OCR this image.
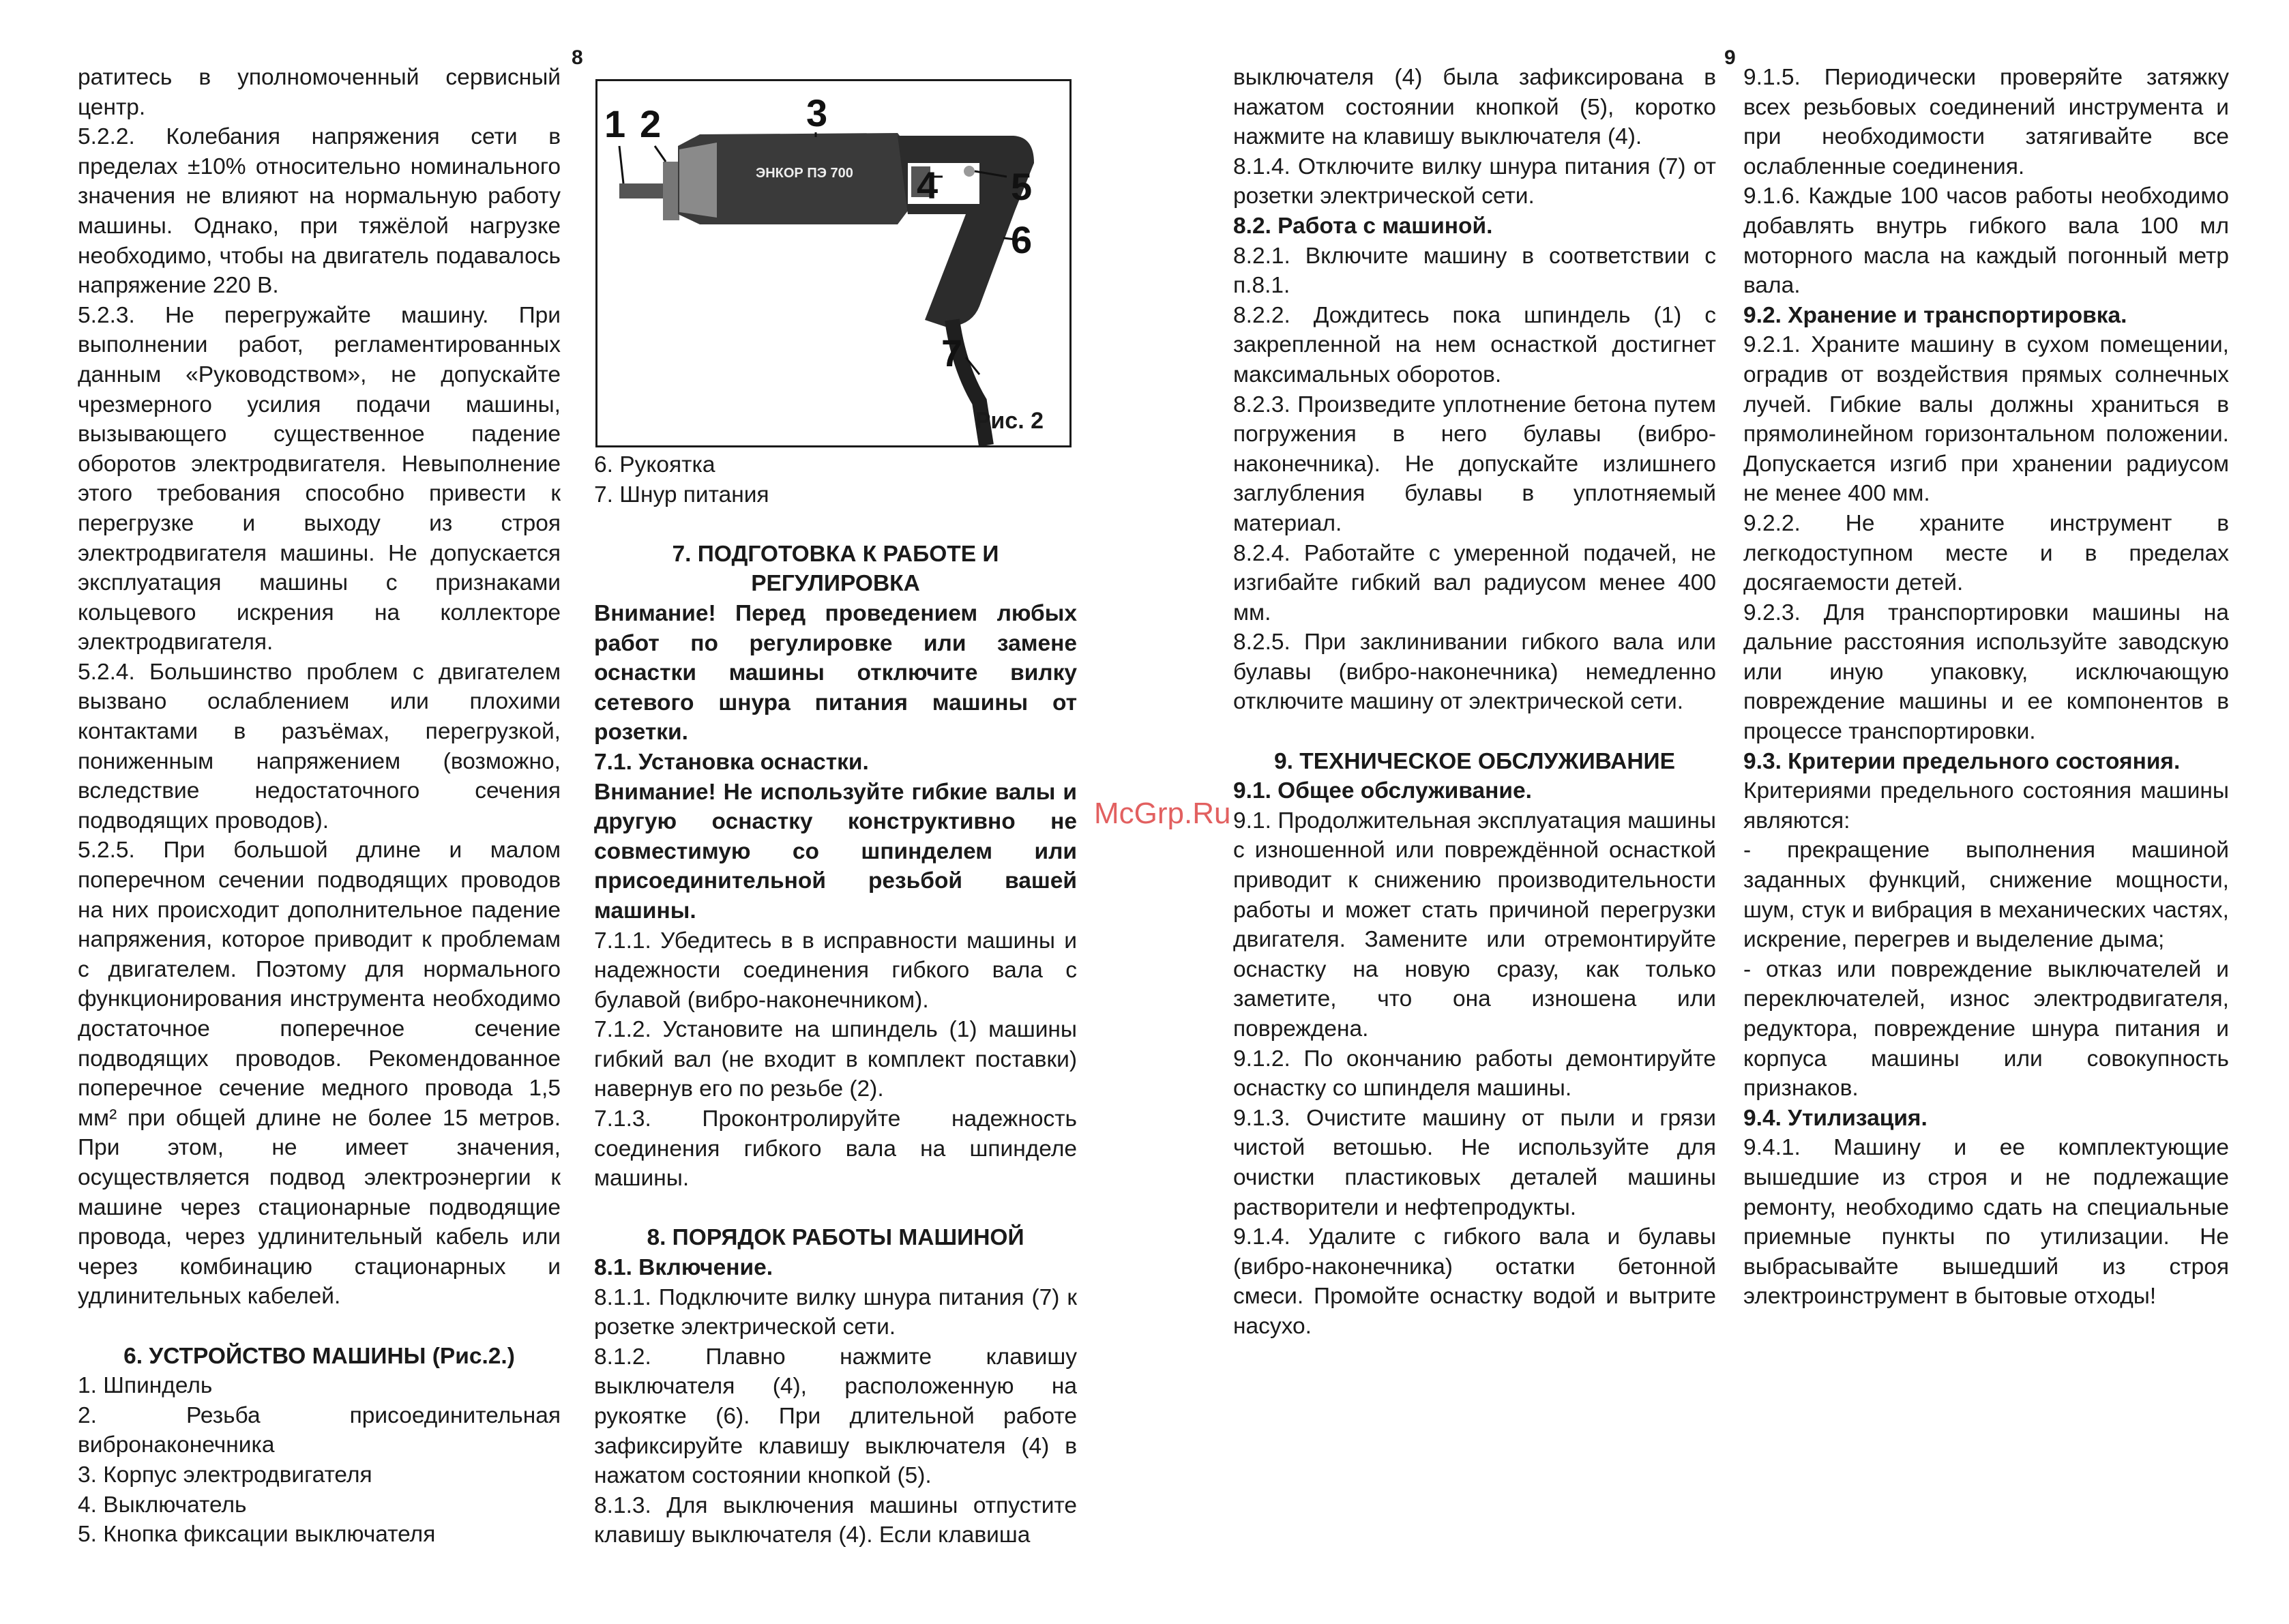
8	9

ратитесь в уполномоченный сервисный центр.

5.2.2. Колебания напряжения сети в пределах ±10% относительно номинального значения не влияют на нормальную работу машины. Однако, при тяжёлой нагрузке необходимо, чтобы на двигатель подавалось напряжение 220 В.

5.2.3. Не перегружайте машину. При выполнении работ, регламентированных данным «Руководством», не допускайте чрезмерного усилия подачи машины, вызывающего существенное падение оборотов электродвигателя. Невыполнение этого требования способно привести к перегрузке и выходу из строя электродвигателя машины. Не допускается эксплуатация машины с признаками кольцевого искрения на коллекторе электродвигателя.

5.2.4. Большинство проблем с двигателем вызвано ослаблением или плохими контактами в разъёмах, перегрузкой, пониженным напряжением (возможно, вследствие недостаточного сечения подводящих проводов).

5.2.5. При большой длине и малом поперечном сечении подводящих проводов на них происходит дополнительное падение напряжения, которое приводит к проблемам с двигателем. Поэтому для нормального функционирования инструмента необходимо достаточное поперечное сечение подводящих проводов. Рекомендованное поперечное сечение медного провода 1,5 мм² при общей длине не более 15 метров. При этом, не имеет значения, осуществляется подвод электроэнергии к машине через стационарные подводящие провода, через удлинительный кабель или через комбинацию стационарных и удлинительных кабелей.

6. УСТРОЙСТВО МАШИНЫ (Рис.2.)

1. Шпиндель

2. Резьба присоединительная вибронаконечника

3. Корпус электродвигателя

4. Выключатель

5. Кнопка фиксации выключателя

ЭНКОР ПЭ 700
1 2	3
4 5
6
7
Рис. 2

6. Рукоятка

7. Шнур питания

7. ПОДГОТОВКА К РАБОТЕ И РЕГУЛИРОВКА

Внимание! Перед проведением любых работ по регулировке или замене оснастки машины отключите вилку сетевого шнура питания машины от розетки.

7.1. Установка оснастки.

Внимание! Не используйте гибкие валы и другую оснастку конструктивно не совместимую со шпинделем или присоединительной резьбой вашей машины.

7.1.1. Убедитесь в в исправности машины и надежности соединения гибкого вала с булавой (вибро-наконечником).

7.1.2. Установите на шпиндель (1) машины гибкий вал (не входит в комплект поставки) навернув его по резьбе (2).

7.1.3. Проконтролируйте надежность соединения гибкого вала на шпинделе машины.

8. ПОРЯДОК РАБОТЫ МАШИНОЙ

8.1. Включение.

8.1.1. Подключите вилку шнура питания (7) к розетке электрической сети.

8.1.2. Плавно нажмите клавишу выключателя (4), расположенную на рукоятке (6). При длительной работе зафиксируйте клавишу выключателя (4) в нажатом состоянии кнопкой (5).

8.1.3. Для выключения машины отпустите клавишу выключателя (4). Если клавиша

McGrp.Ru

выключателя (4) была зафиксирована в нажатом состоянии кнопкой (5), коротко нажмите на клавишу выключателя (4).

8.1.4. Отключите вилку шнура питания (7) от розетки электрической сети.

8.2. Работа с машиной.

8.2.1. Включите машину в соответствии с п.8.1.

8.2.2. Дождитесь пока шпиндель (1) с закрепленной на нем оснасткой достигнет максимальных оборотов.

8.2.3. Произведите уплотнение бетона путем погружения в него булавы (вибро-наконечника). Не допускайте излишнего заглубления булавы в уплотняемый материал.

8.2.4. Работайте с умеренной подачей, не изгибайте гибкий вал радиусом менее 400 мм.

8.2.5. При заклинивании гибкого вала или булавы (вибро-наконечника) немедленно отключите машину от электрической сети.

9. ТЕХНИЧЕСКОЕ ОБСЛУЖИВАНИЕ

9.1. Общее обслуживание.

9.1. Продолжительная эксплуатация машины с изношенной или повреждённой оснасткой приводит к снижению производительности работы и может стать причиной перегрузки двигателя. Замените или отремонтируйте оснастку на новую сразу, как только заметите, что она изношена или повреждена.

9.1.2. По окончанию работы демонтируйте оснастку со шпинделя машины.

9.1.3. Очистите машину от пыли и грязи чистой ветошью. Не используйте для очистки пластиковых деталей машины растворители и нефтепродукты.

9.1.4. Удалите с гибкого вала и булавы (вибро-наконечника) остатки бетонной смеси. Промойте оснастку водой и вытрите насухо.

9.1.5. Периодически проверяйте затяжку всех резьбовых соединений инструмента и при необходимости затягивайте все ослабленные соединения.

9.1.6. Каждые 100 часов работы необходимо добавлять внутрь гибкого вала 100 мл моторного масла на каждый погонный метр вала.

9.2. Хранение и транспортировка.

9.2.1. Храните машину в сухом помещении, оградив от воздействия прямых солнечных лучей. Гибкие валы должны храниться в прямолинейном горизонтальном положении. Допускается изгиб при хранении радиусом не менее 400 мм.

9.2.2. Не храните инструмент в легкодоступном месте и в пределах досягаемости детей.

9.2.3. Для транспортировки машины на дальние расстояния используйте заводскую или иную упаковку, исключающую повреждение машины и ее компонентов в процессе транспортировки.

9.3. Критерии предельного состояния.

Критериями предельного состояния машины являются:

- прекращение выполнения машиной заданных функций, снижение мощности, шум, стук и вибрация в механических частях, искрение, перегрев и выделение дыма;

- отказ или повреждение выключателей и переключателей, износ электродвигателя, редуктора, повреждение шнура питания и корпуса машины или совокупность признаков.

9.4. Утилизация.

9.4.1. Машину и ее комплектующие вышедшие из строя и не подлежащие ремонту, необходимо сдать на специальные приемные пункты по утилизации. Не выбрасывайте вышедший из строя электроинструмент в бытовые отходы!
